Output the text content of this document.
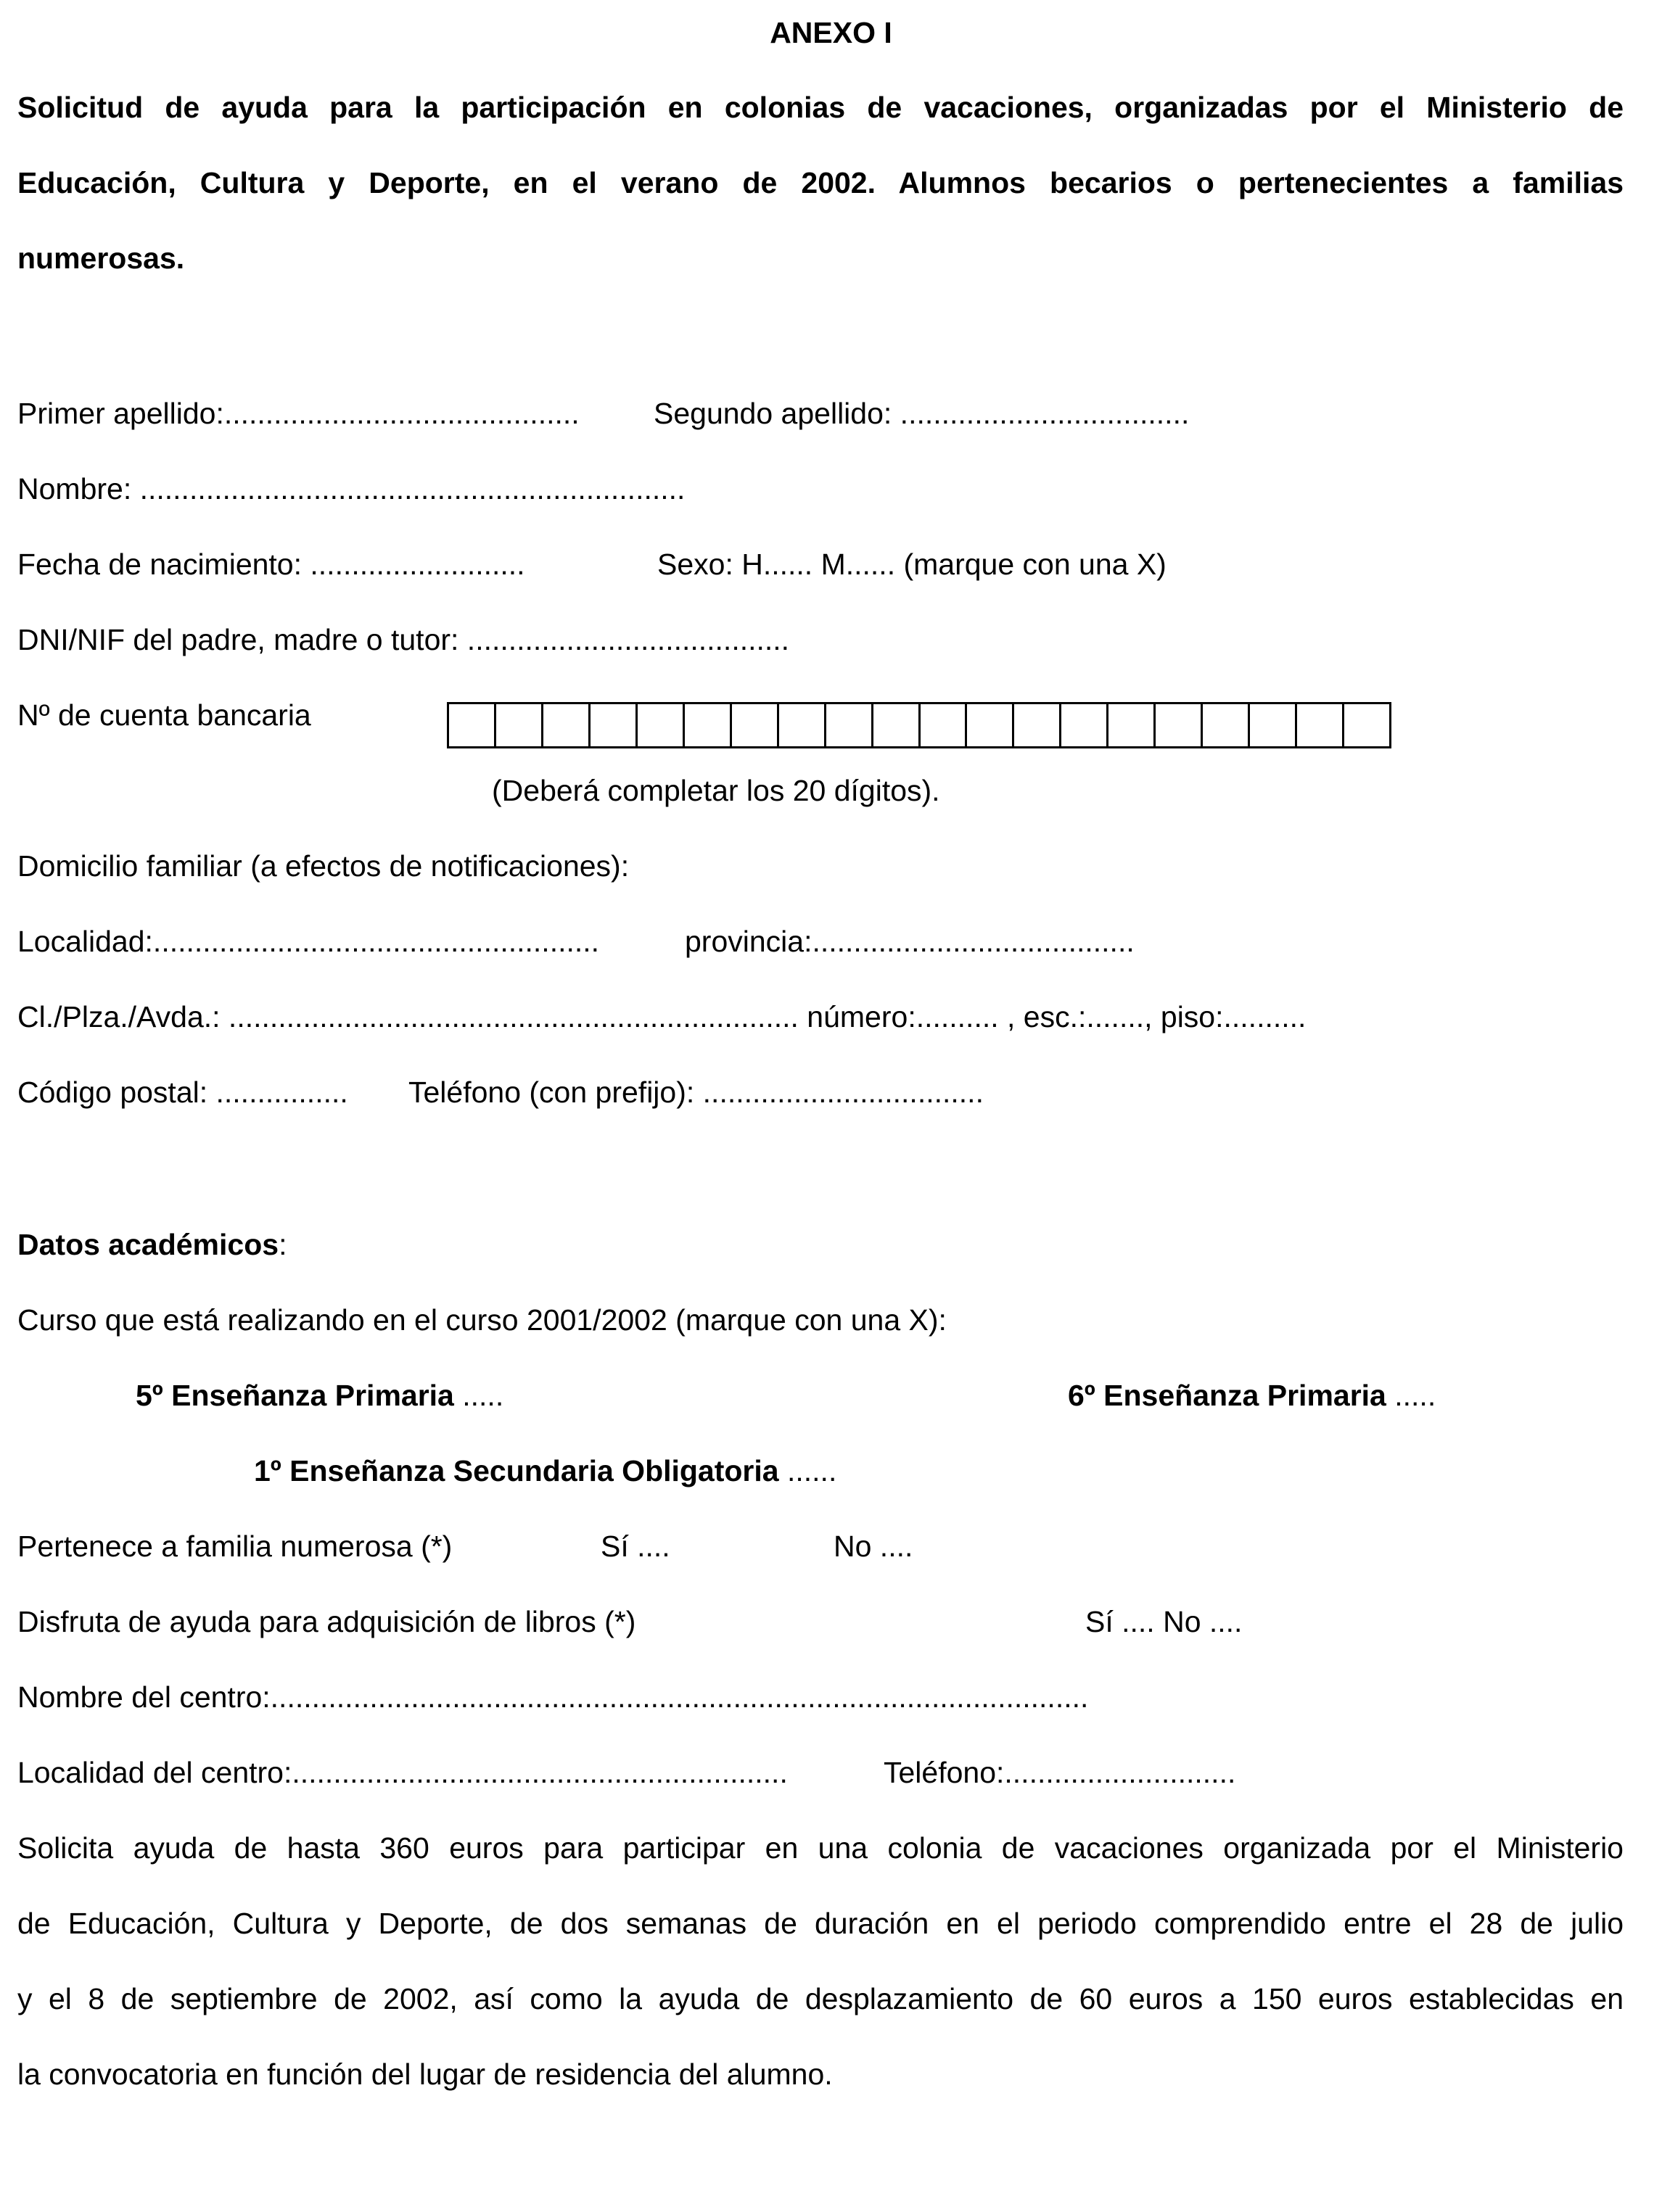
ANEXO I
Solicitud de ayuda para la participación en colonias de vacaciones, organizadas por el Ministerio de
Educación, Cultura y Deporte, en el verano de 2002. Alumnos becarios o pertenecientes a familias
numerosas.
Primer apellido:........................................... Segundo apellido: ...................................
Nombre: ..................................................................
Fecha de nacimiento: ..........................	Sexo: H...... M...... (marque con una X)
DNI/NIF del padre, madre o tutor: .......................................
Nº de cuenta bancaria
(Deberá completar los 20 dígitos).
Domicilio familiar (a efectos de notificaciones):
Localidad:......................................................	provincia:.......................................
Cl./Plza./Avda.: ..................................................................... número:.......... , esc.:......., piso:..........
Código postal: ................ Teléfono (con prefijo): ..................................
Datos académicos:
Curso que está realizando en el curso 2001/2002 (marque con una X):
5º Enseñanza Primaria .....	6º Enseñanza Primaria .....
1º Enseñanza Secundaria Obligatoria ......
Pertenece a familia numerosa (*)	Sí ....	No ....
Disfruta de ayuda para adquisición de libros (*)	Sí .... No ....
Nombre del centro:...................................................................................................
Localidad del centro:............................................................	Teléfono:............................
Solicita ayuda de hasta 360 euros para participar en una colonia de vacaciones organizada por el Ministerio
de Educación, Cultura y Deporte, de dos semanas de duración en el periodo comprendido entre el 28 de julio
y el 8 de septiembre de 2002, así como la ayuda de desplazamiento de 60 euros a 150 euros establecidas en
la convocatoria en función del lugar de residencia del alumno.
